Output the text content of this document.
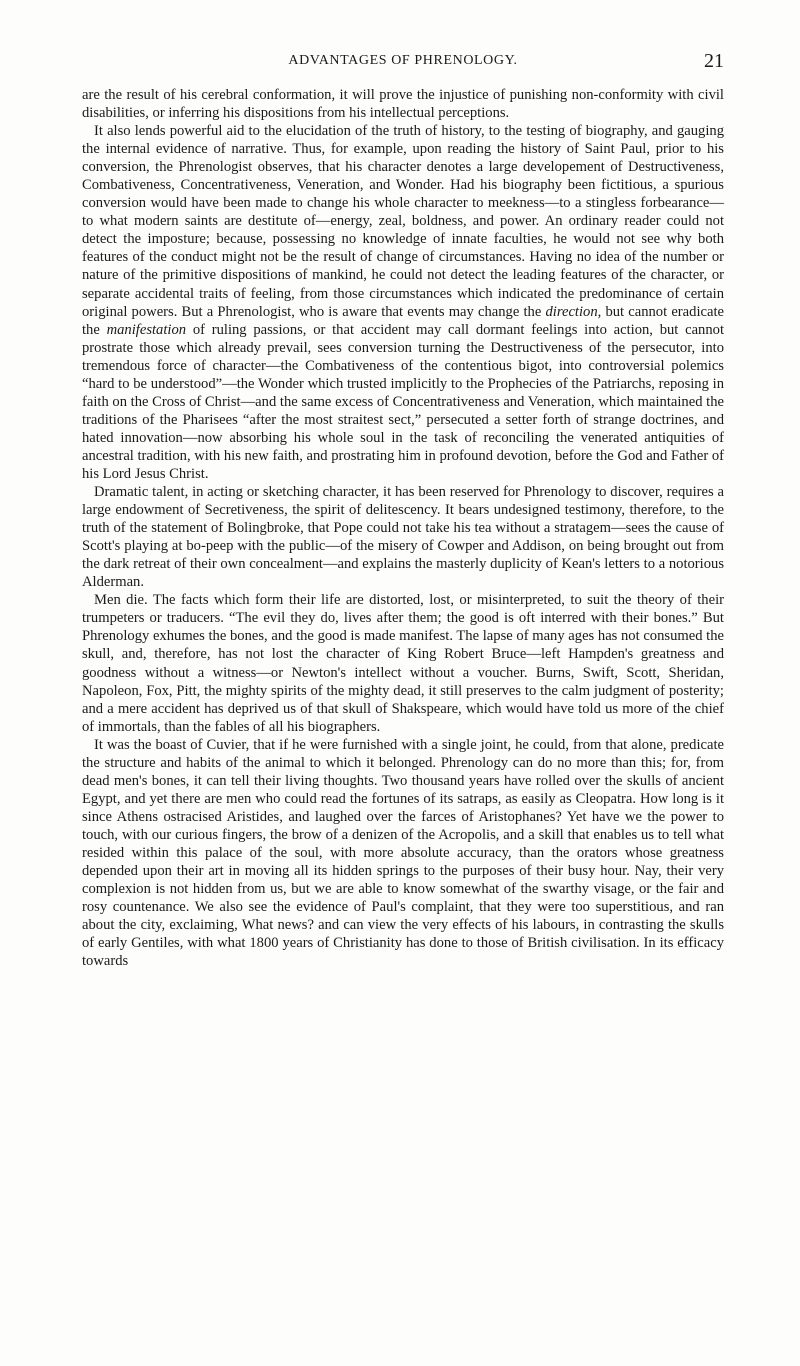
ADVANTAGES OF PHRENOLOGY.	21

are the result of his cerebral conformation, it will prove the injustice of punishing non-conformity with civil disabilities, or inferring his dispositions from his intellectual perceptions.

It also lends powerful aid to the elucidation of the truth of history, to the testing of biography, and gauging the internal evidence of narrative. Thus, for example, upon reading the history of Saint Paul, prior to his conversion, the Phrenologist observes, that his character denotes a large developement of Destructiveness, Combativeness, Concentrativeness, Veneration, and Wonder. Had his biography been fictitious, a spurious conversion would have been made to change his whole character to meekness—to a stingless forbearance—to what modern saints are destitute of—energy, zeal, boldness, and power. An ordinary reader could not detect the imposture; because, possessing no knowledge of innate faculties, he would not see why both features of the conduct might not be the result of change of circumstances. Having no idea of the number or nature of the primitive dispositions of mankind, he could not detect the leading features of the character, or separate accidental traits of feeling, from those circumstances which indicated the predominance of certain original powers. But a Phrenologist, who is aware that events may change the direction, but cannot eradicate the manifestation of ruling passions, or that accident may call dormant feelings into action, but cannot prostrate those which already prevail, sees conversion turning the Destructiveness of the persecutor, into tremendous force of character—the Combativeness of the contentious bigot, into controversial polemics “hard to be understood”—the Wonder which trusted implicitly to the Prophecies of the Patriarchs, reposing in faith on the Cross of Christ—and the same excess of Concentrativeness and Veneration, which maintained the traditions of the Pharisees “after the most straitest sect,” persecuted a setter forth of strange doctrines, and hated innovation—now absorbing his whole soul in the task of reconciling the venerated antiquities of ancestral tradition, with his new faith, and prostrating him in profound devotion, before the God and Father of his Lord Jesus Christ.

Dramatic talent, in acting or sketching character, it has been reserved for Phrenology to discover, requires a large endowment of Secretiveness, the spirit of delitescency. It bears undesigned testimony, therefore, to the truth of the statement of Bolingbroke, that Pope could not take his tea without a stratagem—sees the cause of Scott's playing at bo-peep with the public—of the misery of Cowper and Addison, on being brought out from the dark retreat of their own concealment—and explains the masterly duplicity of Kean's letters to a notorious Alderman.

Men die. The facts which form their life are distorted, lost, or misinterpreted, to suit the theory of their trumpeters or traducers. “The evil they do, lives after them; the good is oft interred with their bones.” But Phrenology exhumes the bones, and the good is made manifest. The lapse of many ages has not consumed the skull, and, therefore, has not lost the character of King Robert Bruce—left Hampden's greatness and goodness without a witness—or Newton's intellect without a voucher. Burns, Swift, Scott, Sheridan, Napoleon, Fox, Pitt, the mighty spirits of the mighty dead, it still preserves to the calm judgment of posterity; and a mere accident has deprived us of that skull of Shakspeare, which would have told us more of the chief of immortals, than the fables of all his biographers.

It was the boast of Cuvier, that if he were furnished with a single joint, he could, from that alone, predicate the structure and habits of the animal to which it belonged. Phrenology can do no more than this; for, from dead men's bones, it can tell their living thoughts. Two thousand years have rolled over the skulls of ancient Egypt, and yet there are men who could read the fortunes of its satraps, as easily as Cleopatra. How long is it since Athens ostracised Aristides, and laughed over the farces of Aristophanes? Yet have we the power to touch, with our curious fingers, the brow of a denizen of the Acropolis, and a skill that enables us to tell what resided within this palace of the soul, with more absolute accuracy, than the orators whose greatness depended upon their art in moving all its hidden springs to the purposes of their busy hour. Nay, their very complexion is not hidden from us, but we are able to know somewhat of the swarthy visage, or the fair and rosy countenance. We also see the evidence of Paul's complaint, that they were too superstitious, and ran about the city, exclaiming, What news? and can view the very effects of his labours, in contrasting the skulls of early Gentiles, with what 1800 years of Christianity has done to those of British civilisation. In its efficacy towards
